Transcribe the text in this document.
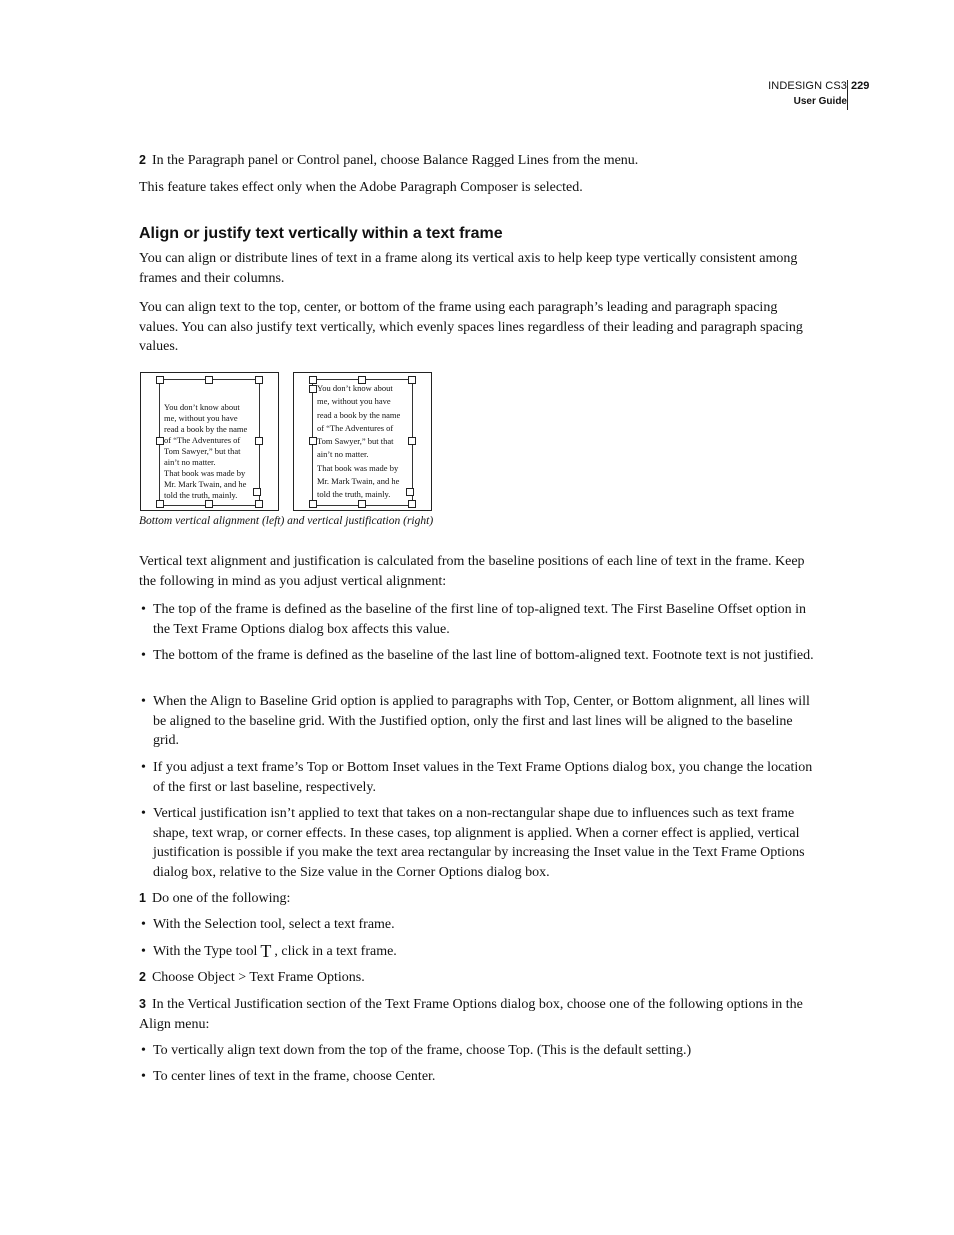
INDESIGN CS3
User Guide
229

2 In the Paragraph panel or Control panel, choose Balance Ragged Lines from the menu.

This feature takes effect only when the Adobe Paragraph Composer is selected.

Align or justify text vertically within a text frame

You can align or distribute lines of text in a frame along its vertical axis to help keep type vertically consistent among frames and their columns.

You can align text to the top, center, or bottom of the frame using each paragraph’s leading and paragraph spacing values. You can also justify text vertically, which evenly spaces lines regardless of their leading and paragraph spacing values.

You don’t know about
me, without you have
read a book by the name
of “The Adventures of
Tom Sawyer,” but that
ain’t no matter.
That book was made by
Mr. Mark Twain, and he
told the truth, mainly.
You don’t know about
me, without you have
read a book by the name
of “The Adventures of
Tom Sawyer,” but that
ain’t no matter.
That book was made by
Mr. Mark Twain, and he
told the truth, mainly.
Bottom vertical alignment (left) and vertical justification (right)

Vertical text alignment and justification is calculated from the baseline positions of each line of text in the frame. Keep the following in mind as you adjust vertical alignment:

• The top of the frame is defined as the baseline of the first line of top-aligned text. The First Baseline Offset option in the Text Frame Options dialog box affects this value.
• The bottom of the frame is defined as the baseline of the last line of bottom-aligned text. Footnote text is not justified.
• When the Align to Baseline Grid option is applied to paragraphs with Top, Center, or Bottom alignment, all lines will be aligned to the baseline grid. With the Justified option, only the first and last lines will be aligned to the baseline grid.
• If you adjust a text frame’s Top or Bottom Inset values in the Text Frame Options dialog box, you change the location of the first or last baseline, respectively.
• Vertical justification isn’t applied to text that takes on a non-rectangular shape due to influences such as text frame shape, text wrap, or corner effects. In these cases, top alignment is applied. When a corner effect is applied, vertical justification is possible if you make the text area rectangular by increasing the Inset value in the Text Frame Options dialog box, relative to the Size value in the Corner Options dialog box.

1 Do one of the following:

• With the Selection tool, select a text frame.
• With the Type tool T , click in a text frame.

2 Choose Object > Text Frame Options.

3 In the Vertical Justification section of the Text Frame Options dialog box, choose one of the following options in the Align menu:

• To vertically align text down from the top of the frame, choose Top. (This is the default setting.)
• To center lines of text in the frame, choose Center.
